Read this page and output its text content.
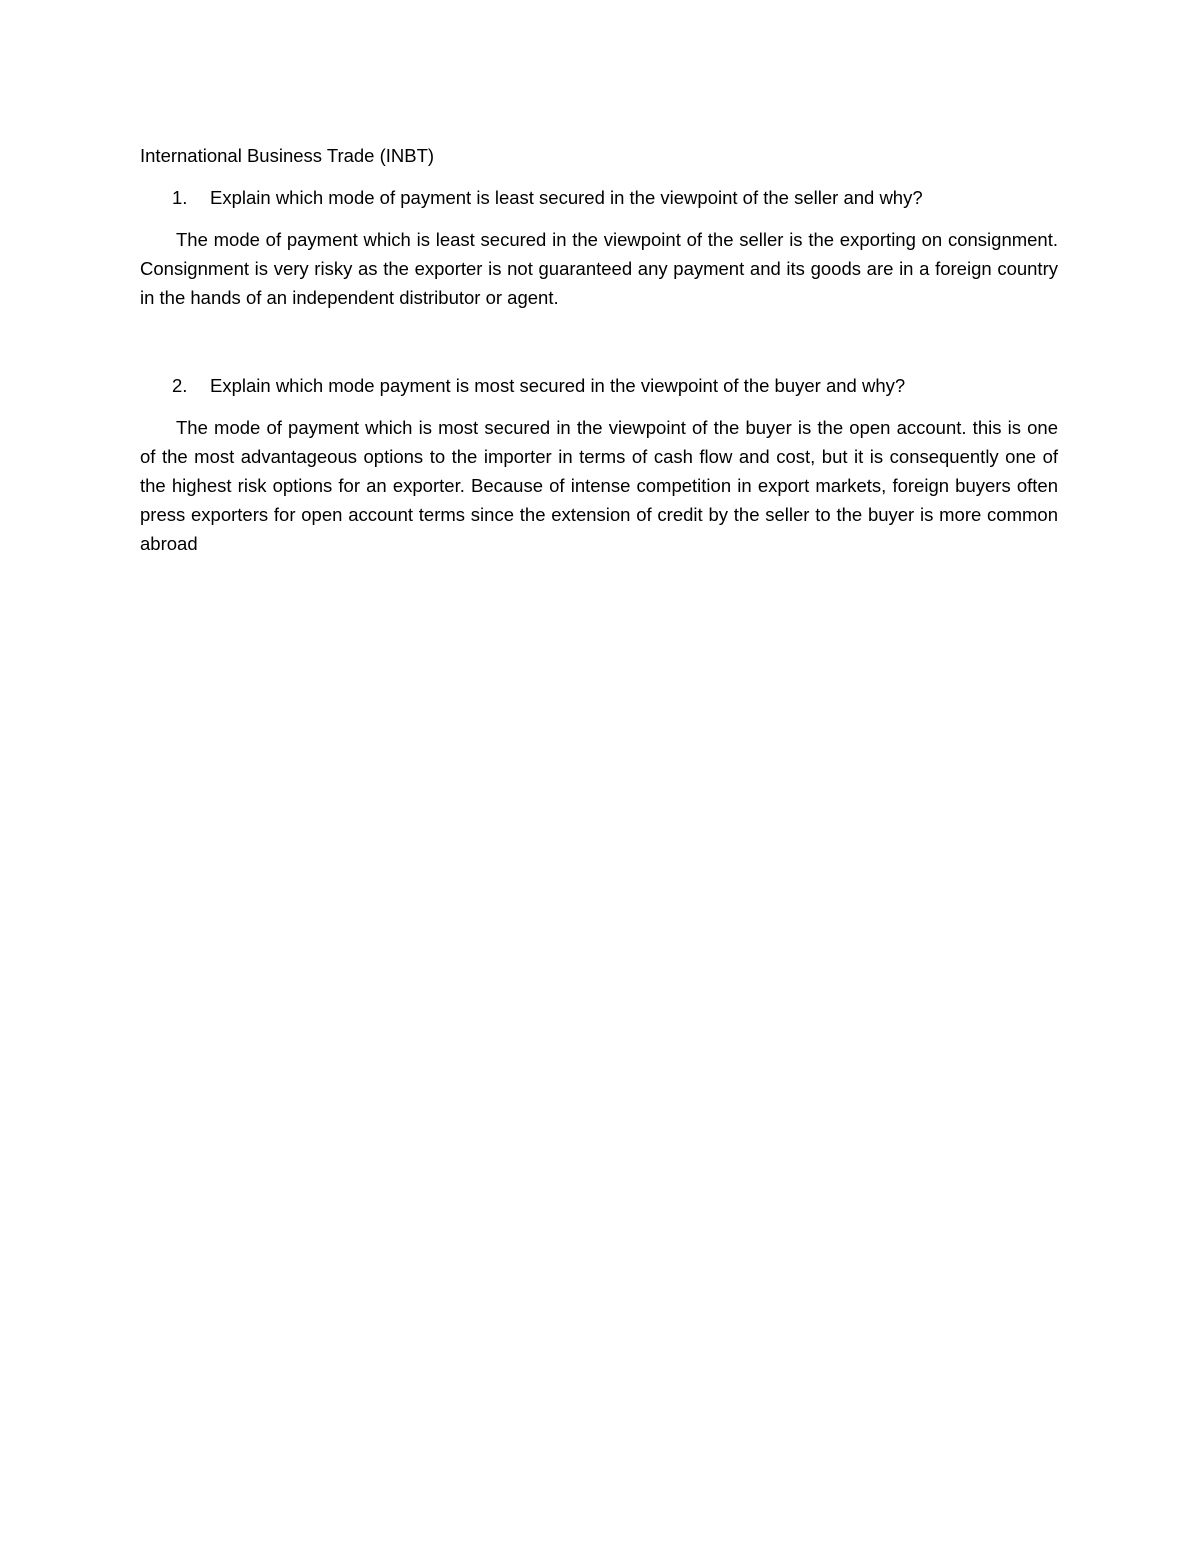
International Business Trade (INBT)

1.	Explain which mode of payment is least secured in the viewpoint of the seller and why?

The mode of payment which is least secured in the viewpoint of the seller is the exporting on consignment. Consignment is very risky as the exporter is not guaranteed any payment and its goods are in a foreign country in the hands of an independent distributor or agent.

2.	Explain which mode payment is most secured in the viewpoint of the buyer and why?

The mode of payment which is most secured in the viewpoint of the buyer is the open account. this is one of the most advantageous options to the importer in terms of cash flow and cost, but it is consequently one of the highest risk options for an exporter. Because of intense competition in export markets, foreign buyers often press exporters for open account terms since the extension of credit by the seller to the buyer is more common abroad
